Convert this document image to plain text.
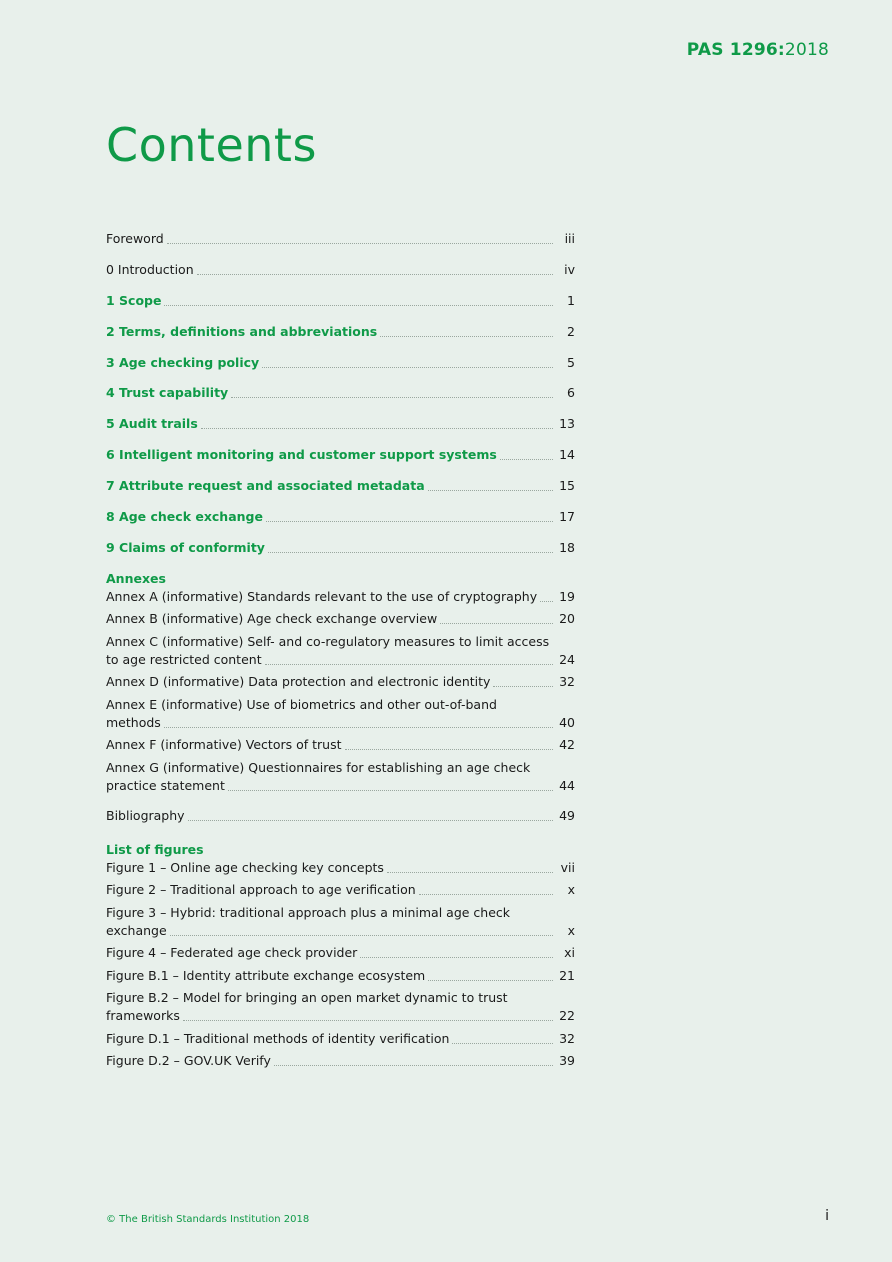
PAS 1296:2018
Contents
Foreword	iii
0 Introduction	iv
1 Scope	1
2 Terms, definitions and abbreviations	2
3 Age checking policy	5
4 Trust capability	6
5 Audit trails	13
6 Intelligent monitoring and customer support systems	14
7 Attribute request and associated metadata	15
8 Age check exchange	17
9 Claims of conformity	18
Annexes
Annex A (informative) Standards relevant to the use of cryptography 19
Annex B (informative) Age check exchange overview	20
Annex C (informative) Self- and co-regulatory measures to limit access
to age restricted content	24
Annex D (informative) Data protection and electronic identity	32
Annex E (informative) Use of biometrics and other out-of-band
methods	40
Annex F (informative) Vectors of trust	42
Annex G (informative) Questionnaires for establishing an age check
practice statement	44
Bibliography	49
List of figures
Figure 1 – Online age checking key concepts	vii
Figure 2 – Traditional approach to age verification	x
Figure 3 – Hybrid: traditional approach plus a minimal age check
exchange	x
Figure 4 – Federated age check provider	xi
Figure B.1 – Identity attribute exchange ecosystem	21
Figure B.2 – Model for bringing an open market dynamic to trust
frameworks	22
Figure D.1 – Traditional methods of identity verification	32
Figure D.2 – GOV.UK Verify	39
© The British Standards Institution 2018	i
